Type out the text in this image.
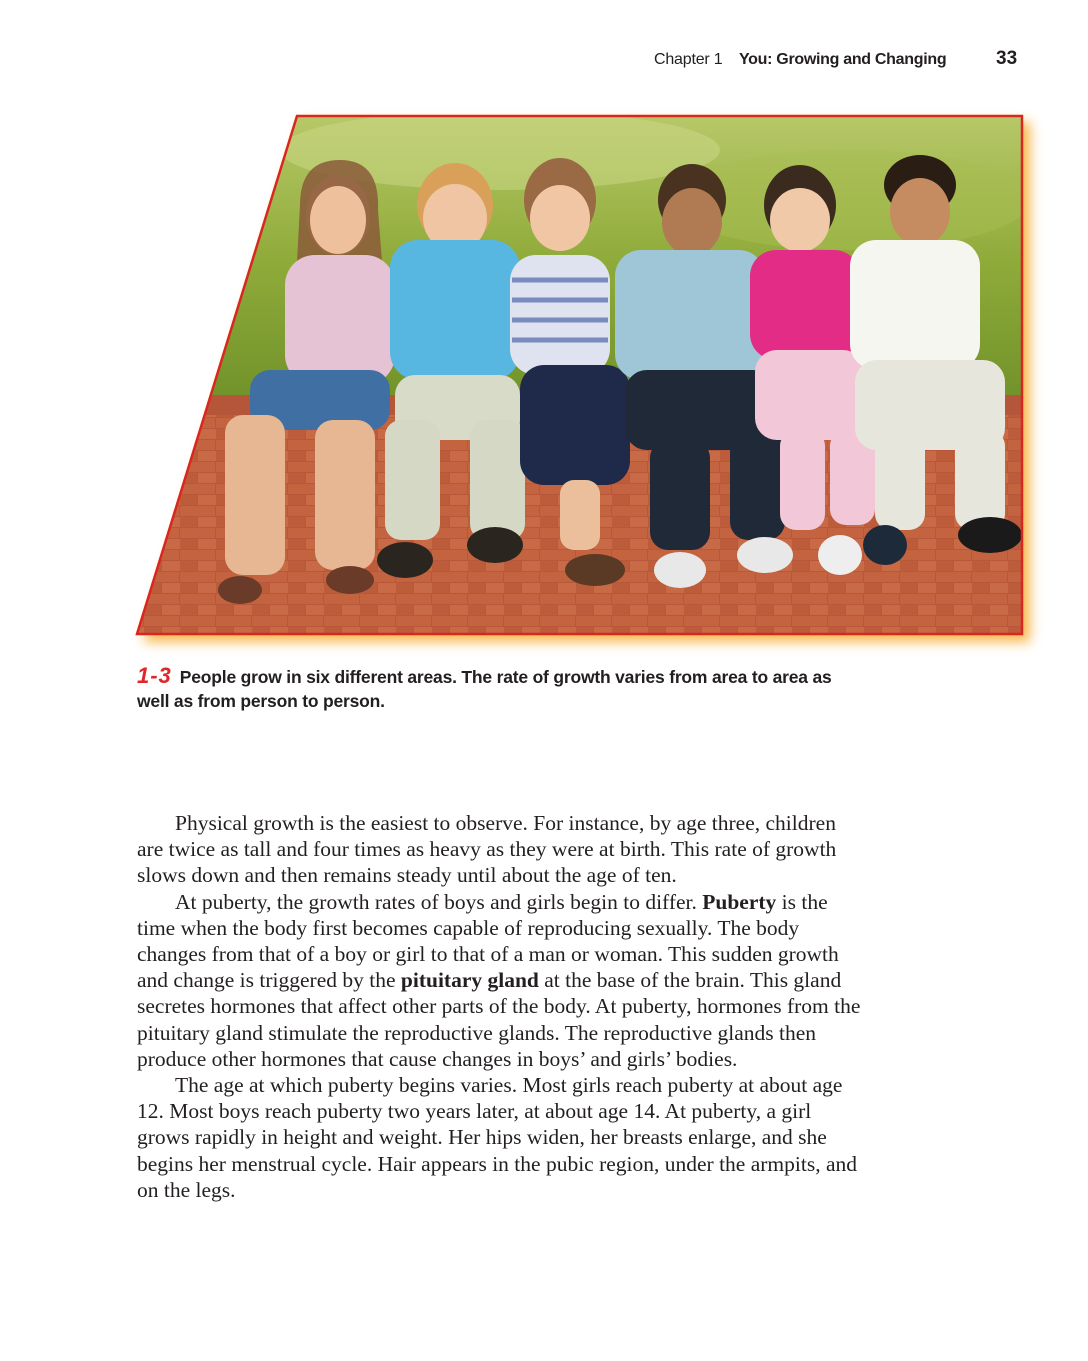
Chapter 1 You: Growing and Changing	33
1-3 People grow in six different areas. The rate of growth varies from area to area as well as from person to person.

Physical growth is the easiest to observe. For instance, by age three, children are twice as tall and four times as heavy as they were at birth. This rate of growth slows down and then remains steady until about the age of ten.

At puberty, the growth rates of boys and girls begin to differ. Puberty is the time when the body first becomes capable of reproducing sexually. The body changes from that of a boy or girl to that of a man or woman. This sudden growth and change is triggered by the pituitary gland at the base of the brain. This gland secretes hormones that affect other parts of the body. At puberty, hormones from the pituitary gland stimulate the reproductive glands. The reproductive glands then produce other hormones that cause changes in boys’ and girls’ bodies.

The age at which puberty begins varies. Most girls reach puberty at about age 12. Most boys reach puberty two years later, at about age 14. At puberty, a girl grows rapidly in height and weight. Her hips widen, her breasts enlarge, and she begins her menstrual cycle. Hair appears in the pubic region, under the armpits, and on the legs.
